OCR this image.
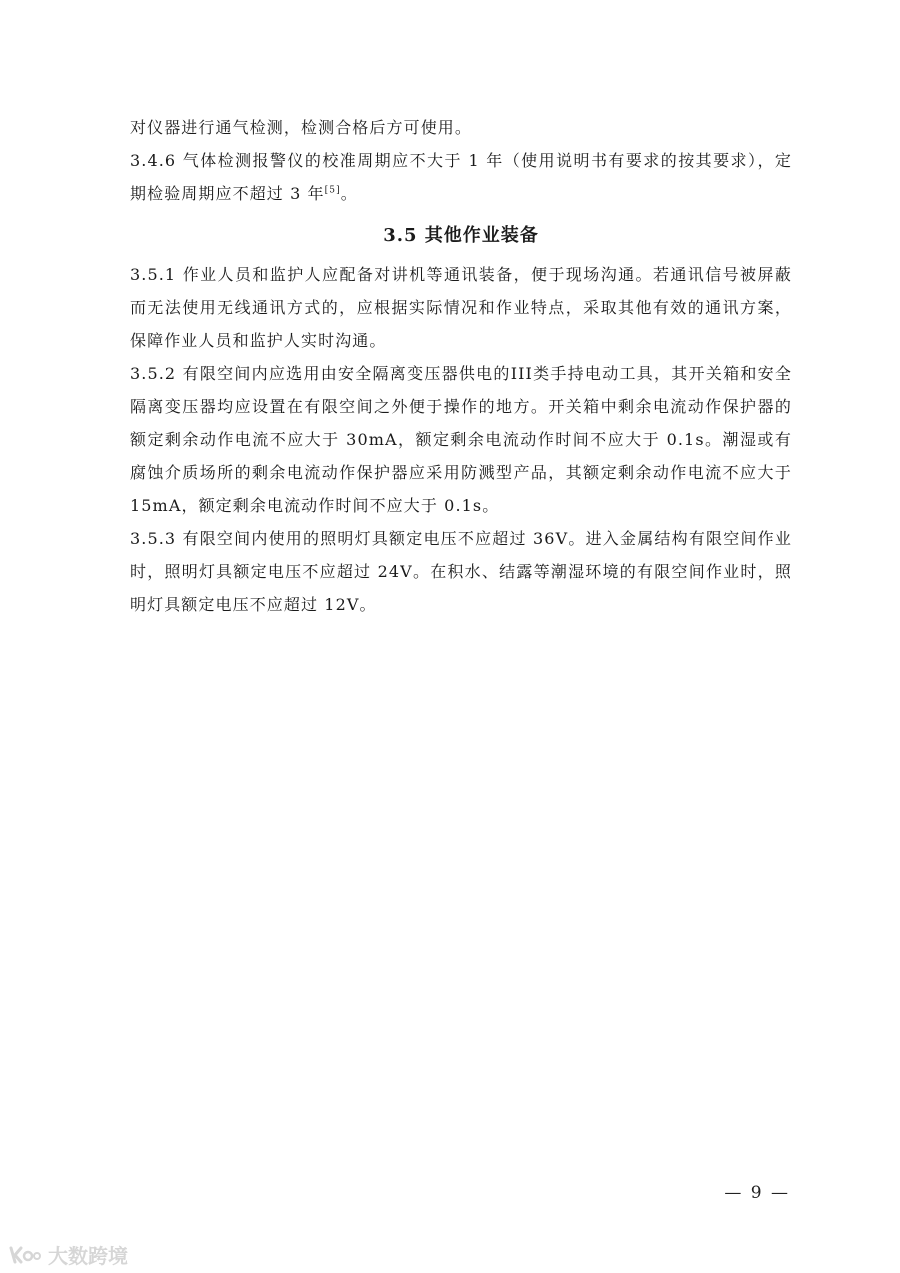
对仪器进行通气检测，检测合格后方可使用。

3.4.6 气体检测报警仪的校准周期应不大于 1 年（使用说明书有要求的按其要求），定期检验周期应不超过 3 年[5]。

3.5 其他作业装备

3.5.1 作业人员和监护人应配备对讲机等通讯装备，便于现场沟通。若通讯信号被屏蔽而无法使用无线通讯方式的，应根据实际情况和作业特点，采取其他有效的通讯方案，保障作业人员和监护人实时沟通。

3.5.2 有限空间内应选用由安全隔离变压器供电的III类手持电动工具，其开关箱和安全隔离变压器均应设置在有限空间之外便于操作的地方。开关箱中剩余电流动作保护器的额定剩余动作电流不应大于 30mA，额定剩余电流动作时间不应大于 0.1s。潮湿或有腐蚀介质场所的剩余电流动作保护器应采用防溅型产品，其额定剩余动作电流不应大于 15mA，额定剩余电流动作时间不应大于 0.1s。

3.5.3 有限空间内使用的照明灯具额定电压不应超过 36V。进入金属结构有限空间作业时，照明灯具额定电压不应超过 24V。在积水、结露等潮湿环境的有限空间作业时，照明灯具额定电压不应超过 12V。

— 9 —
大数跨境
